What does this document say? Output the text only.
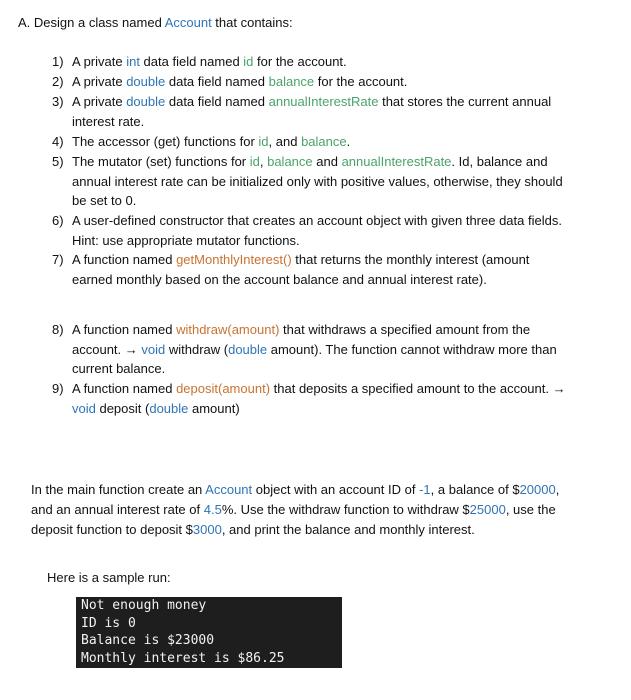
A. Design a class named Account that contains:
1) A private int data field named id for the account.
2) A private double data field named balance for the account.
3) A private double data field named annualInterestRate that stores the current annual interest rate.
4) The accessor (get) functions for id, and balance.
5) The mutator (set) functions for id, balance and annualInterestRate. Id, balance and annual interest rate can be initialized only with positive values, otherwise, they should be set to 0.
6) A user-defined constructor that creates an account object with given three data fields. Hint: use appropriate mutator functions.
7) A function named getMonthlyInterest() that returns the monthly interest (amount earned monthly based on the account balance and annual interest rate).
8) A function named withdraw(amount) that withdraws a specified amount from the account. → void withdraw (double amount). The function cannot withdraw more than current balance.
9) A function named deposit(amount) that deposits a specified amount to the account. → void deposit (double amount)
In the main function create an Account object with an account ID of -1, a balance of $20000, and an annual interest rate of 4.5%. Use the withdraw function to withdraw $25000, use the deposit function to deposit $3000, and print the balance and monthly interest.
Here is a sample run:
Not enough money
ID is 0
Balance is $23000
Monthly interest is $86.25
